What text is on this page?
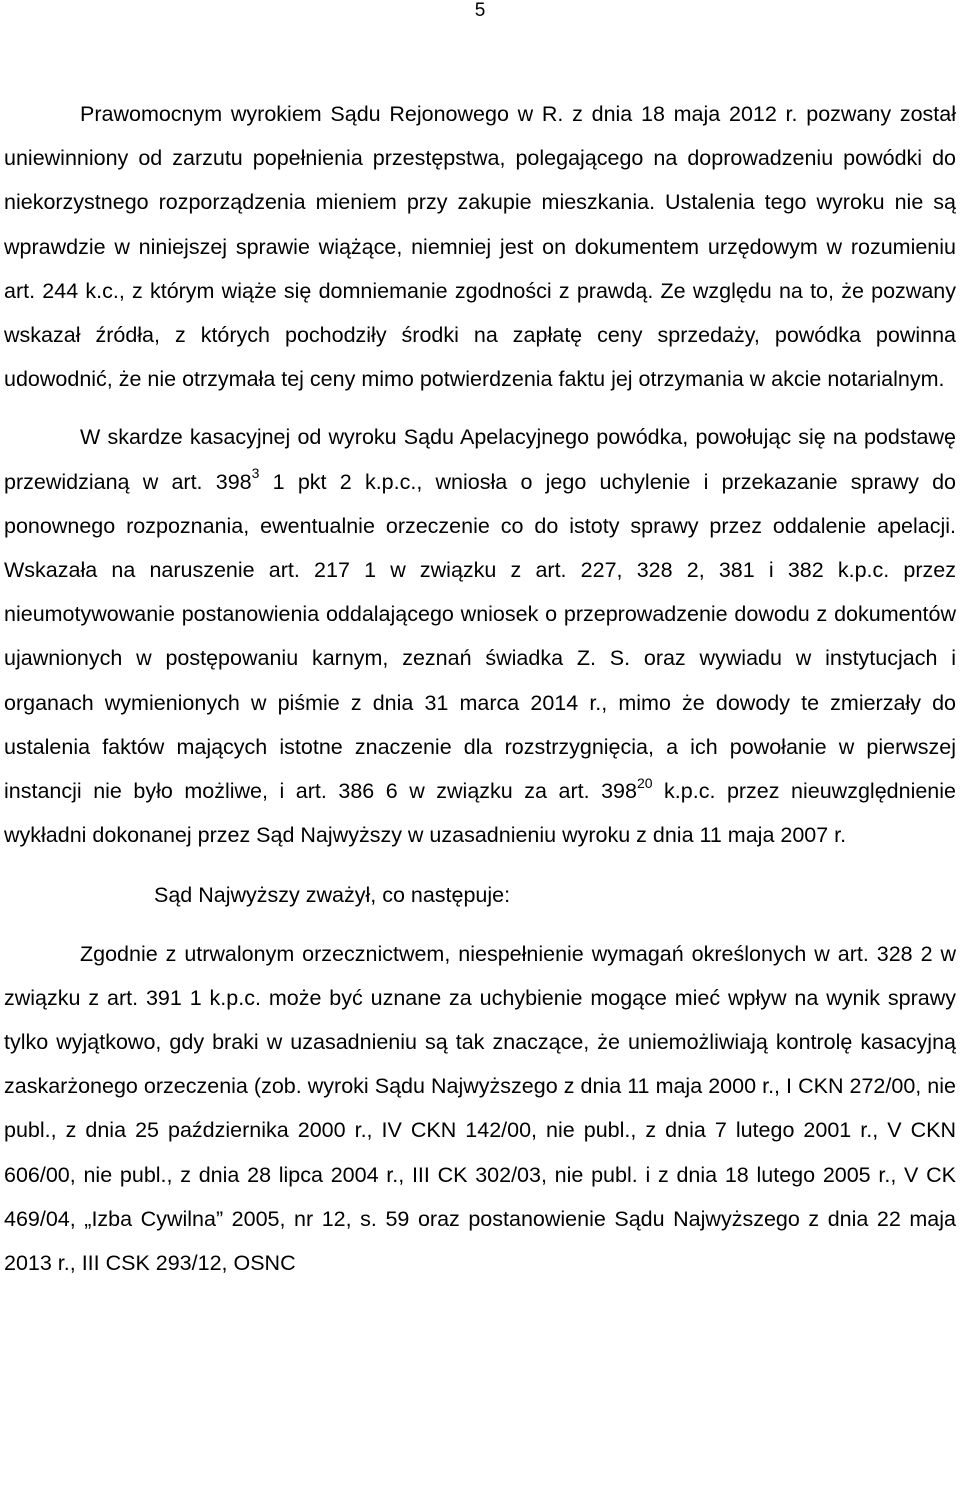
5

Prawomocnym wyrokiem Sądu Rejonowego w R. z dnia 18 maja 2012 r. pozwany został uniewinniony od zarzutu popełnienia przestępstwa, polegającego na doprowadzeniu powódki do niekorzystnego rozporządzenia mieniem przy zakupie mieszkania. Ustalenia tego wyroku nie są wprawdzie w niniejszej sprawie wiążące, niemniej jest on dokumentem urzędowym w rozumieniu art. 244 k.c., z którym wiąże się domniemanie zgodności z prawdą. Ze względu na to, że pozwany wskazał źródła, z których pochodziły środki na zapłatę ceny sprzedaży, powódka powinna udowodnić, że nie otrzymała tej ceny mimo potwierdzenia faktu jej otrzymania w akcie notarialnym.

W skardze kasacyjnej od wyroku Sądu Apelacyjnego powódka, powołując się na podstawę przewidzianą w art. $398^3$ 1 pkt 2 k.p.c., wniosła o jego uchylenie i przekazanie sprawy do ponownego rozpoznania, ewentualnie orzeczenie co do istoty sprawy przez oddalenie apelacji. Wskazała na naruszenie art. 217 1 w związku z art. 227, 328 2, 381 i 382 k.p.c. przez nieumotywowanie postanowienia oddalającego wniosek o przeprowadzenie dowodu z dokumentów ujawnionych w postępowaniu karnym, zeznań świadka Z. S. oraz wywiadu w instytucjach i organach wymienionych w piśmie z dnia 31 marca 2014 r., mimo że dowody te zmierzały do ustalenia faktów mających istotne znaczenie dla rozstrzygnięcia, a ich powołanie w pierwszej instancji nie było możliwe, i art. 386 6 w związku za art. $398^{20}$ k.p.c. przez nieuwzględnienie wykładni dokonanej przez Sąd Najwyższy w uzasadnieniu wyroku z dnia 11 maja 2007 r.

Sąd Najwyższy zważył, co następuje:

Zgodnie z utrwalonym orzecznictwem, niespełnienie wymagań określonych w art. 328 2 w związku z art. 391 1 k.p.c. może być uznane za uchybienie mogące mieć wpływ na wynik sprawy tylko wyjątkowo, gdy braki w uzasadnieniu są tak znaczące, że uniemożliwiają kontrolę kasacyjną zaskarżonego orzeczenia (zob. wyroki Sądu Najwyższego z dnia 11 maja 2000 r., I CKN 272/00, nie publ., z dnia 25 października 2000 r., IV CKN 142/00, nie publ., z dnia 7 lutego 2001 r., V CKN 606/00, nie publ., z dnia 28 lipca 2004 r., III CK 302/03, nie publ. i z dnia 18 lutego 2005 r., V CK 469/04, „Izba Cywilna” 2005, nr 12, s. 59 oraz postanowienie Sądu Najwyższego z dnia 22 maja 2013 r., III CSK 293/12, OSNC
